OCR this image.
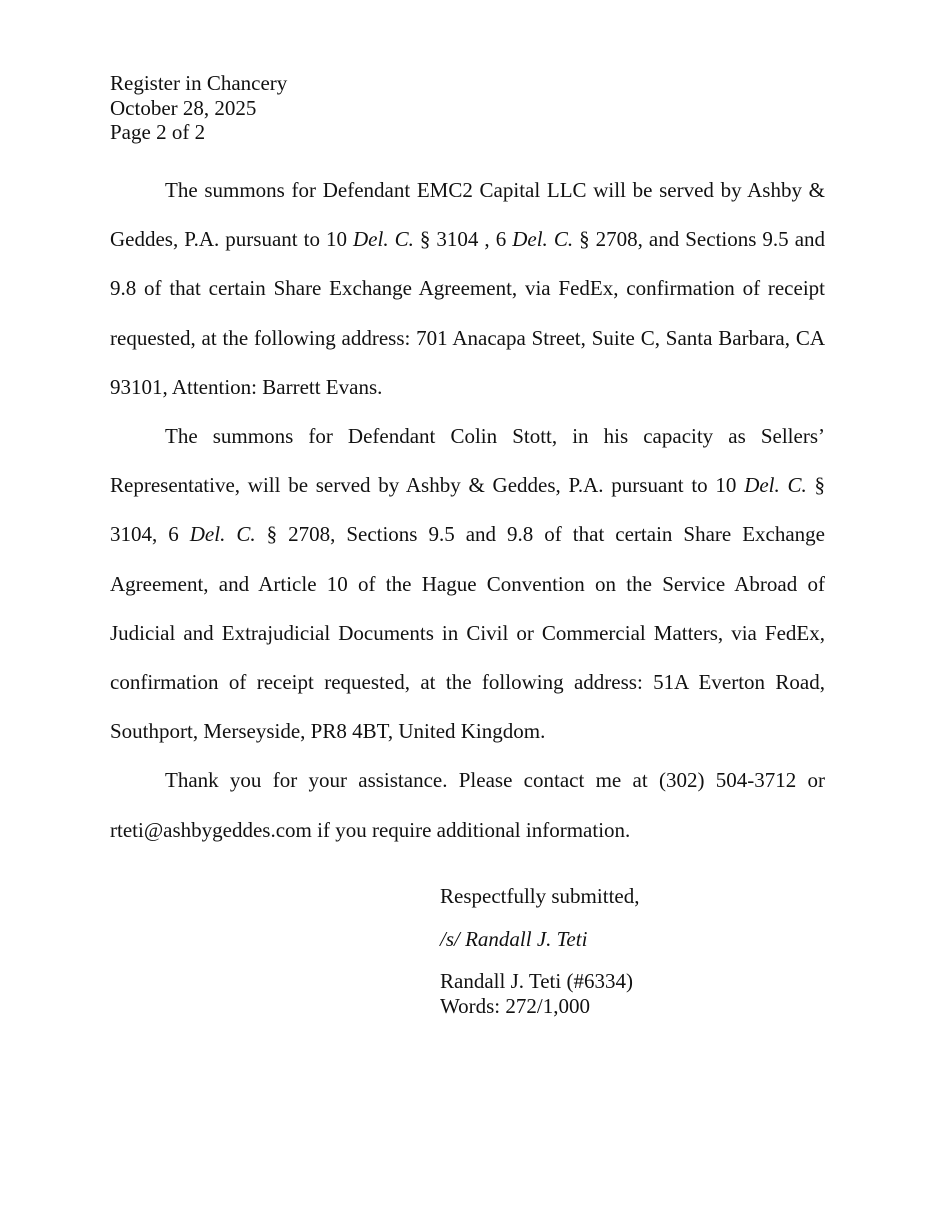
Register in Chancery
October 28, 2025
Page 2 of 2

The summons for Defendant EMC2 Capital LLC will be served by Ashby & Geddes, P.A. pursuant to 10 Del. C. § 3104 , 6 Del. C. § 2708, and Sections 9.5 and 9.8 of that certain Share Exchange Agreement, via FedEx, confirmation of receipt requested, at the following address: 701 Anacapa Street, Suite C, Santa Barbara, CA 93101, Attention: Barrett Evans.

The summons for Defendant Colin Stott, in his capacity as Sellers’ Representative, will be served by Ashby & Geddes, P.A. pursuant to 10 Del. C. § 3104, 6 Del. C. § 2708, Sections 9.5 and 9.8 of that certain Share Exchange Agreement, and Article 10 of the Hague Convention on the Service Abroad of Judicial and Extrajudicial Documents in Civil or Commercial Matters, via FedEx, confirmation of receipt requested, at the following address: 51A Everton Road, Southport, Merseyside, PR8 4BT, United Kingdom.

Thank you for your assistance. Please contact me at (302) 504-3712 or rteti@ashbygeddes.com if you require additional information.

Respectfully submitted,
/s/ Randall J. Teti
Randall J. Teti (#6334)
Words: 272/1,000
